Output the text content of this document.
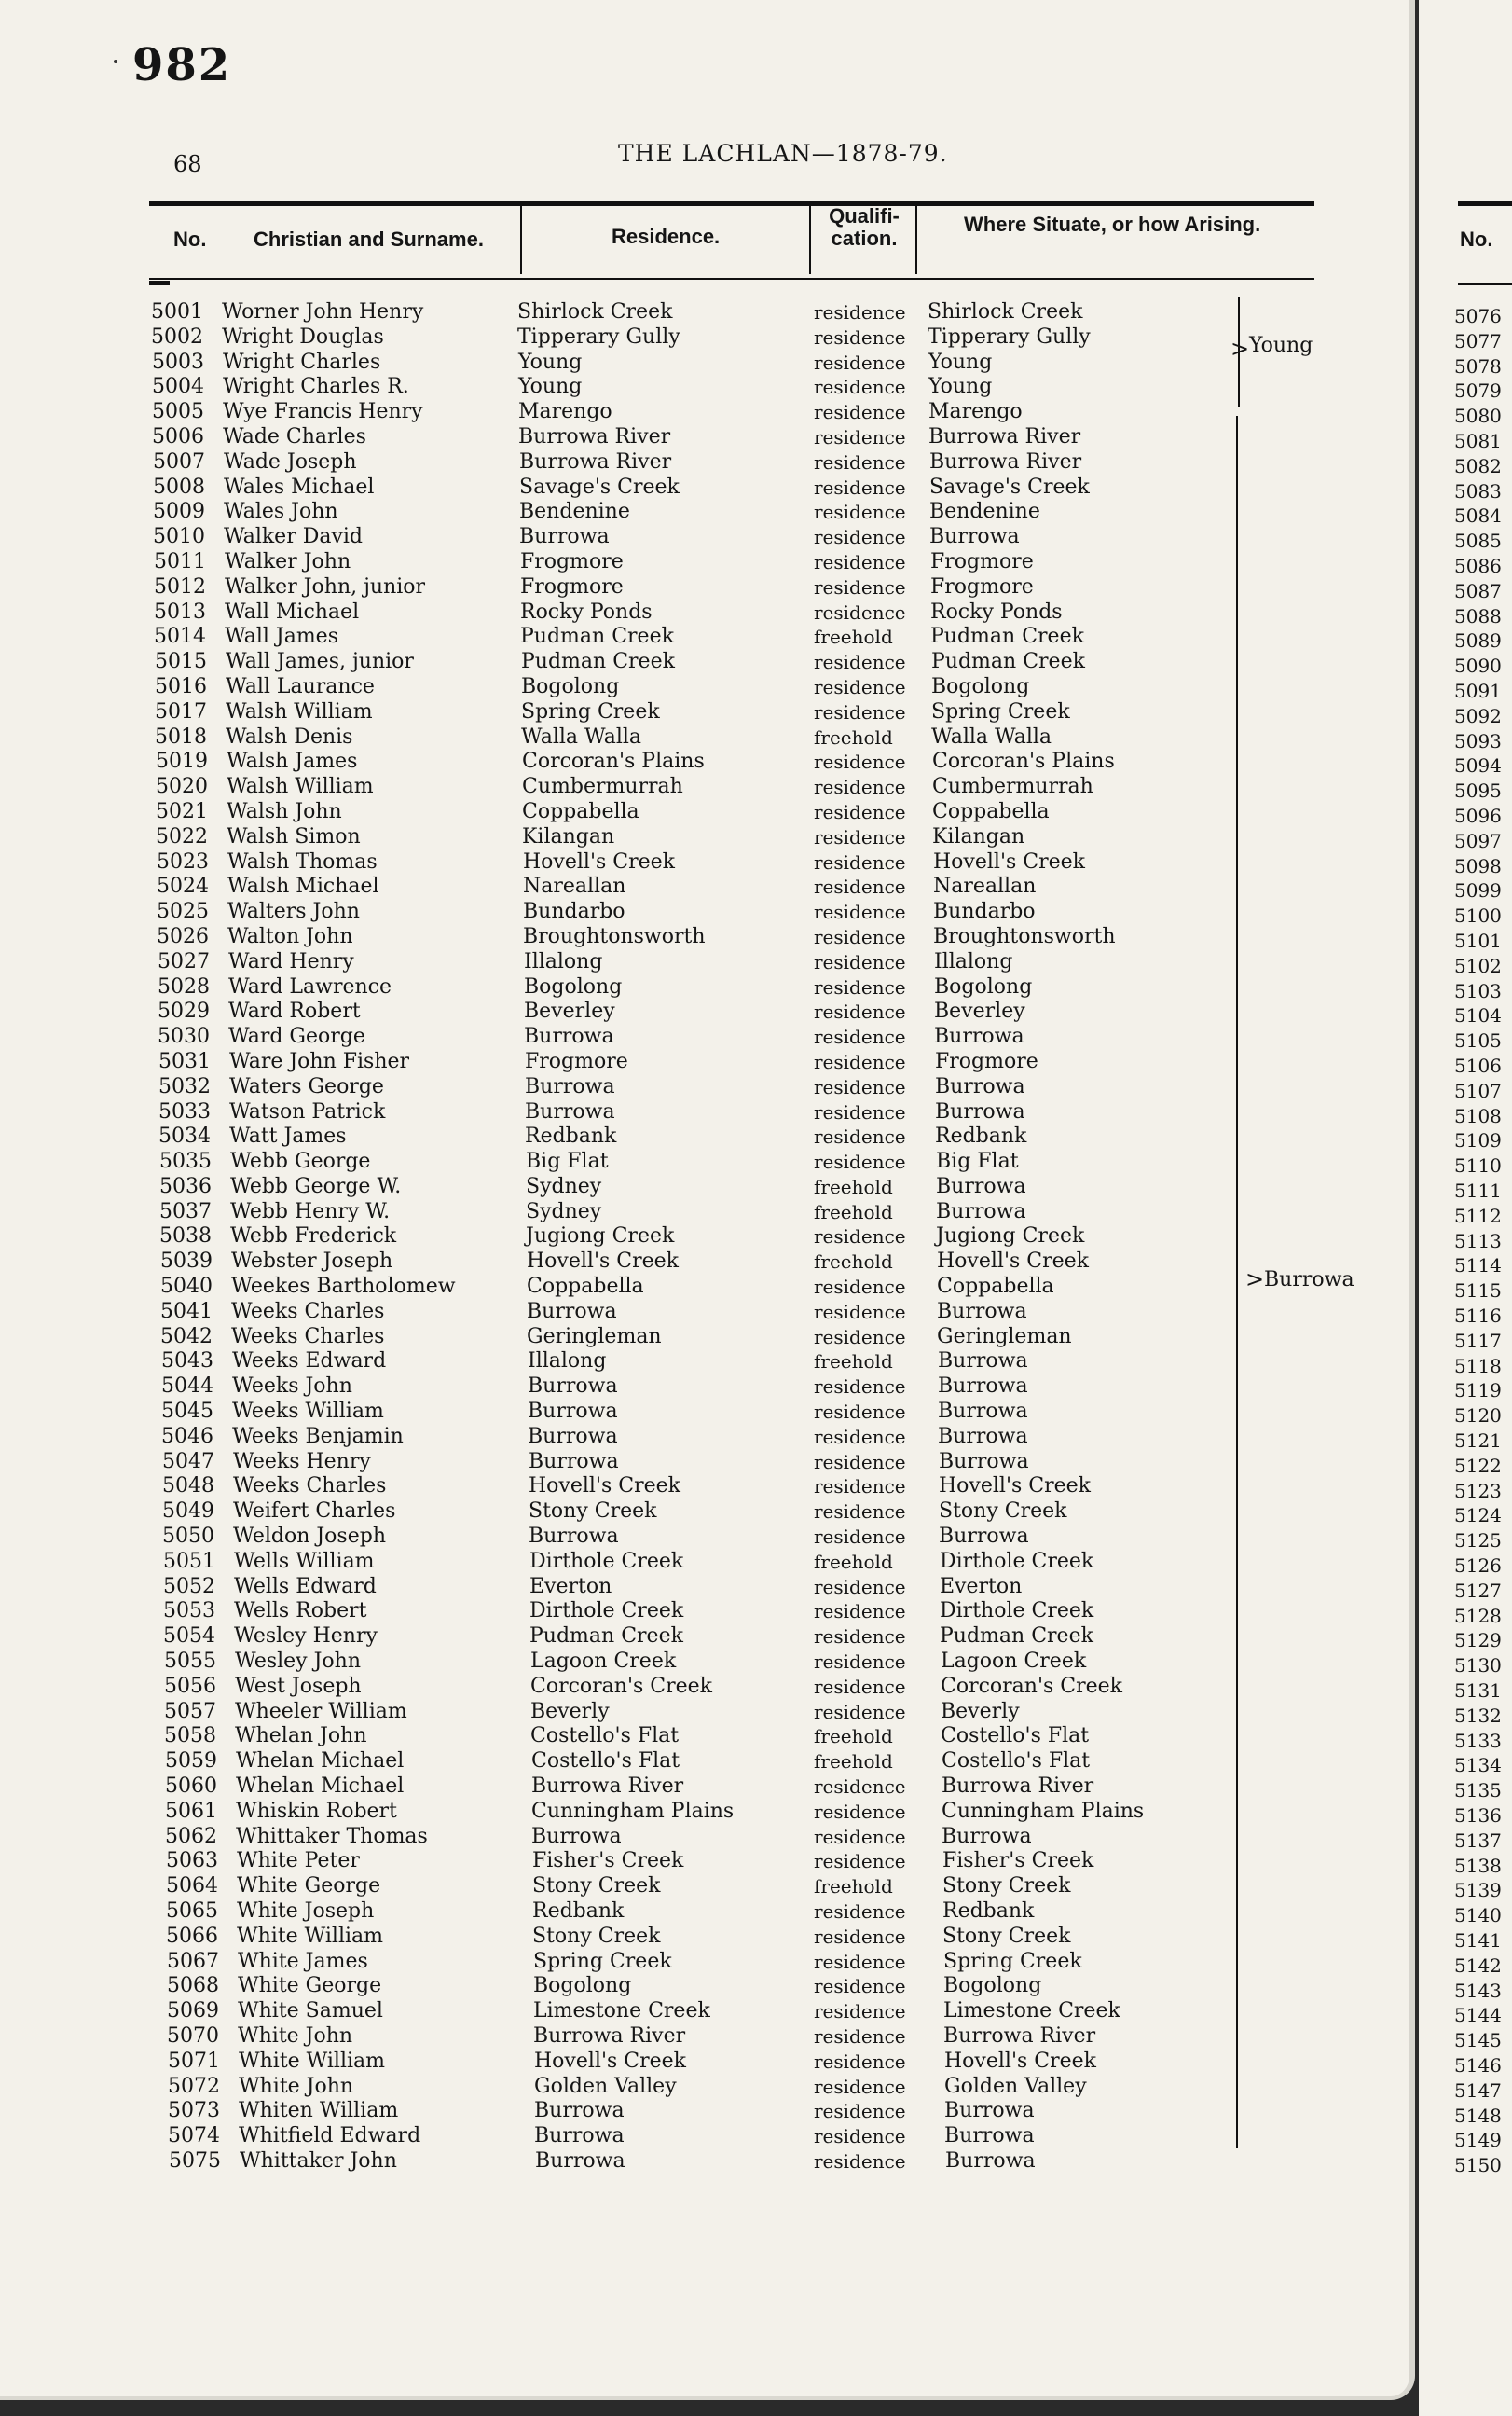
982
68	THE LACHLAN—1878-79.
No. Christian and Surname.	Residence.
Qualifi-
cation.
Where Situate, or how Arising.
5001 Worner John Henry	Shirlock Creek	residence Shirlock Creek
5002 Wright Douglas	Tipperary Gully	residence Tipperary Gully
5003 Wright Charles	Young	residence Young
5004 Wright Charles R.	Young	residence Young
5005 Wye Francis Henry	Marengo	residence Marengo
5006 Wade Charles	Burrowa River	residence Burrowa River
5007 Wade Joseph	Burrowa River	residence Burrowa River
5008 Wales Michael	Savage's Creek	residence Savage's Creek
5009 Wales John	Bendenine	residence Bendenine
5010 Walker David	Burrowa	residence Burrowa
5011 Walker John	Frogmore	residence Frogmore
5012 Walker John, junior	Frogmore	residence Frogmore
5013 Wall Michael	Rocky Ponds	residence Rocky Ponds
5014 Wall James	Pudman Creek	freehold Pudman Creek
5015 Wall James, junior	Pudman Creek	residence Pudman Creek
5016 Wall Laurance	Bogolong	residence Bogolong
5017 Walsh William	Spring Creek	residence Spring Creek
5018 Walsh Denis	Walla Walla	freehold Walla Walla
5019 Walsh James	Corcoran's Plains	residence Corcoran's Plains
5020 Walsh William	Cumbermurrah	residence Cumbermurrah
5021 Walsh John	Coppabella	residence Coppabella
5022 Walsh Simon	Kilangan	residence Kilangan
5023 Walsh Thomas	Hovell's Creek	residence Hovell's Creek
5024 Walsh Michael	Nareallan	residence Nareallan
5025 Walters John	Bundarbo	residence Bundarbo
5026 Walton John	Broughtonsworth	residence Broughtonsworth
5027 Ward Henry	Illalong	residence Illalong
5028 Ward Lawrence	Bogolong	residence Bogolong
5029 Ward Robert	Beverley	residence Beverley
5030 Ward George	Burrowa	residence Burrowa
5031 Ware John Fisher	Frogmore	residence Frogmore
5032 Waters George	Burrowa	residence Burrowa
5033 Watson Patrick	Burrowa	residence Burrowa
5034 Watt James	Redbank	residence Redbank
5035 Webb George	Big Flat	residence Big Flat
5036 Webb George W.	Sydney	freehold Burrowa
5037 Webb Henry W.	Sydney	freehold Burrowa
5038 Webb Frederick	Jugiong Creek	residence Jugiong Creek
5039 Webster Joseph	Hovell's Creek	freehold Hovell's Creek
5040 Weekes Bartholomew	Coppabella	residence Coppabella
5041 Weeks Charles	Burrowa	residence Burrowa
5042 Weeks Charles	Geringleman	residence Geringleman
5043 Weeks Edward	Illalong	freehold Burrowa
5044 Weeks John	Burrowa	residence Burrowa
5045 Weeks William	Burrowa	residence Burrowa
5046 Weeks Benjamin	Burrowa	residence Burrowa
5047 Weeks Henry	Burrowa	residence Burrowa
5048 Weeks Charles	Hovell's Creek	residence Hovell's Creek
5049 Weifert Charles	Stony Creek	residence Stony Creek
5050 Weldon Joseph	Burrowa	residence Burrowa
5051 Wells William	Dirthole Creek	freehold Dirthole Creek
5052 Wells Edward	Everton	residence Everton
5053 Wells Robert	Dirthole Creek	residence Dirthole Creek
5054 Wesley Henry	Pudman Creek	residence Pudman Creek
5055 Wesley John	Lagoon Creek	residence Lagoon Creek
5056 West Joseph	Corcoran's Creek	residence Corcoran's Creek
5057 Wheeler William	Beverly	residence Beverly
5058 Whelan John	Costello's Flat	freehold Costello's Flat
5059 Whelan Michael	Costello's Flat	freehold Costello's Flat
5060 Whelan Michael	Burrowa River	residence Burrowa River
5061 Whiskin Robert	Cunningham Plains	residence Cunningham Plains
5062 Whittaker Thomas	Burrowa	residence Burrowa
5063 White Peter	Fisher's Creek	residence Fisher's Creek
5064 White George	Stony Creek	freehold Stony Creek
5065 White Joseph	Redbank	residence Redbank
5066 White William	Stony Creek	residence Stony Creek
5067 White James	Spring Creek	residence Spring Creek
5068 White George	Bogolong	residence Bogolong
5069 White Samuel	Limestone Creek	residence Limestone Creek
5070 White John	Burrowa River	residence Burrowa River
5071 White William	Hovell's Creek	residence Hovell's Creek
5072 White John	Golden Valley	residence Golden Valley
5073 Whiten William	Burrowa	residence Burrowa
5074 Whitfield Edward	Burrowa	residence Burrowa
5075 Whittaker John	Burrowa	residence Burrowa
> Young
> Burrowa
No.
5076
5077
5078
5079
5080
5081
5082
5083
5084
5085
5086
5087
5088
5089
5090
5091
5092
5093
5094
5095
5096
5097
5098
5099
5100
5101
5102
5103
5104
5105
5106
5107
5108
5109
5110
5111
5112
5113
5114
5115
5116
5117
5118
5119
5120
5121
5122
5123
5124
5125
5126
5127
5128
5129
5130
5131
5132
5133
5134
5135
5136
5137
5138
5139
5140
5141
5142
5143
5144
5145
5146
5147
5148
5149
5150
